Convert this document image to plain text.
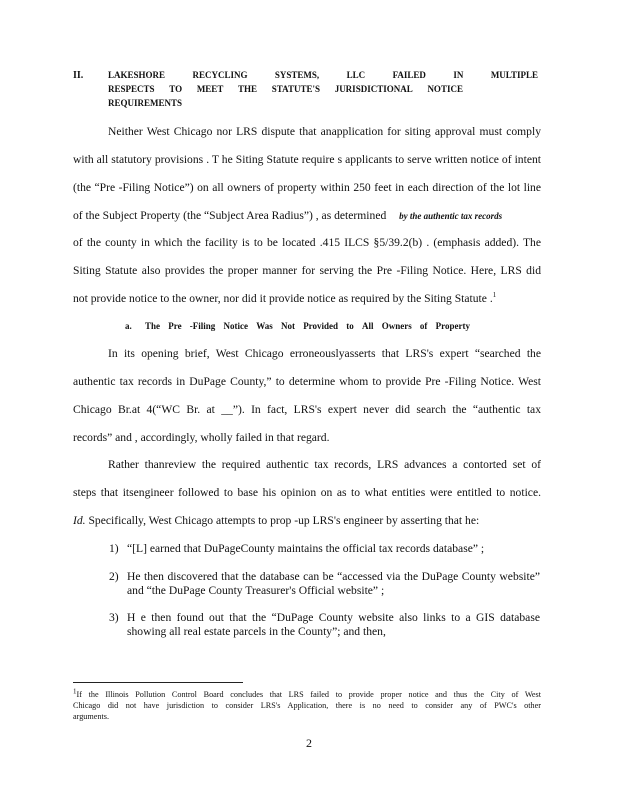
II.	LAKESHORE	RECYCLING	SYSTEMS,	LLC	FAILED	IN	MULTIPLE
RESPECTS TO MEET THE STATUTE'S JURISDICTIONAL NOTICE
REQUIREMENTS
Neither West Chicago nor LRS dispute that anapplication for siting approval must comply
with all statutory provisions . T he Siting Statute require s applicants to serve written notice of intent
(the “Pre -Filing Notice”) on all owners of property within 250 feet in each direction of the lot line
of the Subject Property (the “Subject Area Radius”) , as determined by the authentic tax records
of the county in which the facility is to be located .415 ILCS §5/39.2(b) . (emphasis added). The
Siting Statute also provides the proper manner for serving the Pre -Filing Notice. Here, LRS did
not provide notice to the owner, nor did it provide notice as required by the Siting Statute .$^1$
a. The Pre -Filing Notice Was Not Provided to All Owners of Property
In its opening brief, West Chicago erroneouslyasserts that LRS's expert “searched the
authentic tax records in DuPage County,” to determine whom to provide Pre -Filing Notice. West
Chicago Br.at 4(“WC Br. at __”). In fact, LRS's expert never did search the “authentic tax
records” and , accordingly, wholly failed in that regard.
Rather thanreview the required authentic tax records, LRS advances a contorted set of
steps that itsengineer followed to base his opinion on as to what entities were entitled to notice.
Id. Specifically, West Chicago attempts to prop -up LRS's engineer by asserting that he:
1) “[L] earned that DuPageCounty maintains the official tax records database” ;
2) He then discovered that the database can be “accessed via the DuPage County website”
and “the DuPage County Treasurer's Official website” ;
3) H e then found out that the “DuPage County website also links to a GIS database
showing all real estate parcels in the County”; and then,
$^1$If the Illinois Pollution Control Board concludes that LRS failed to provide proper notice and thus the City of West
Chicago did not have jurisdiction to consider LRS's Application, there is no need to consider any of PWC's other
arguments.
2
